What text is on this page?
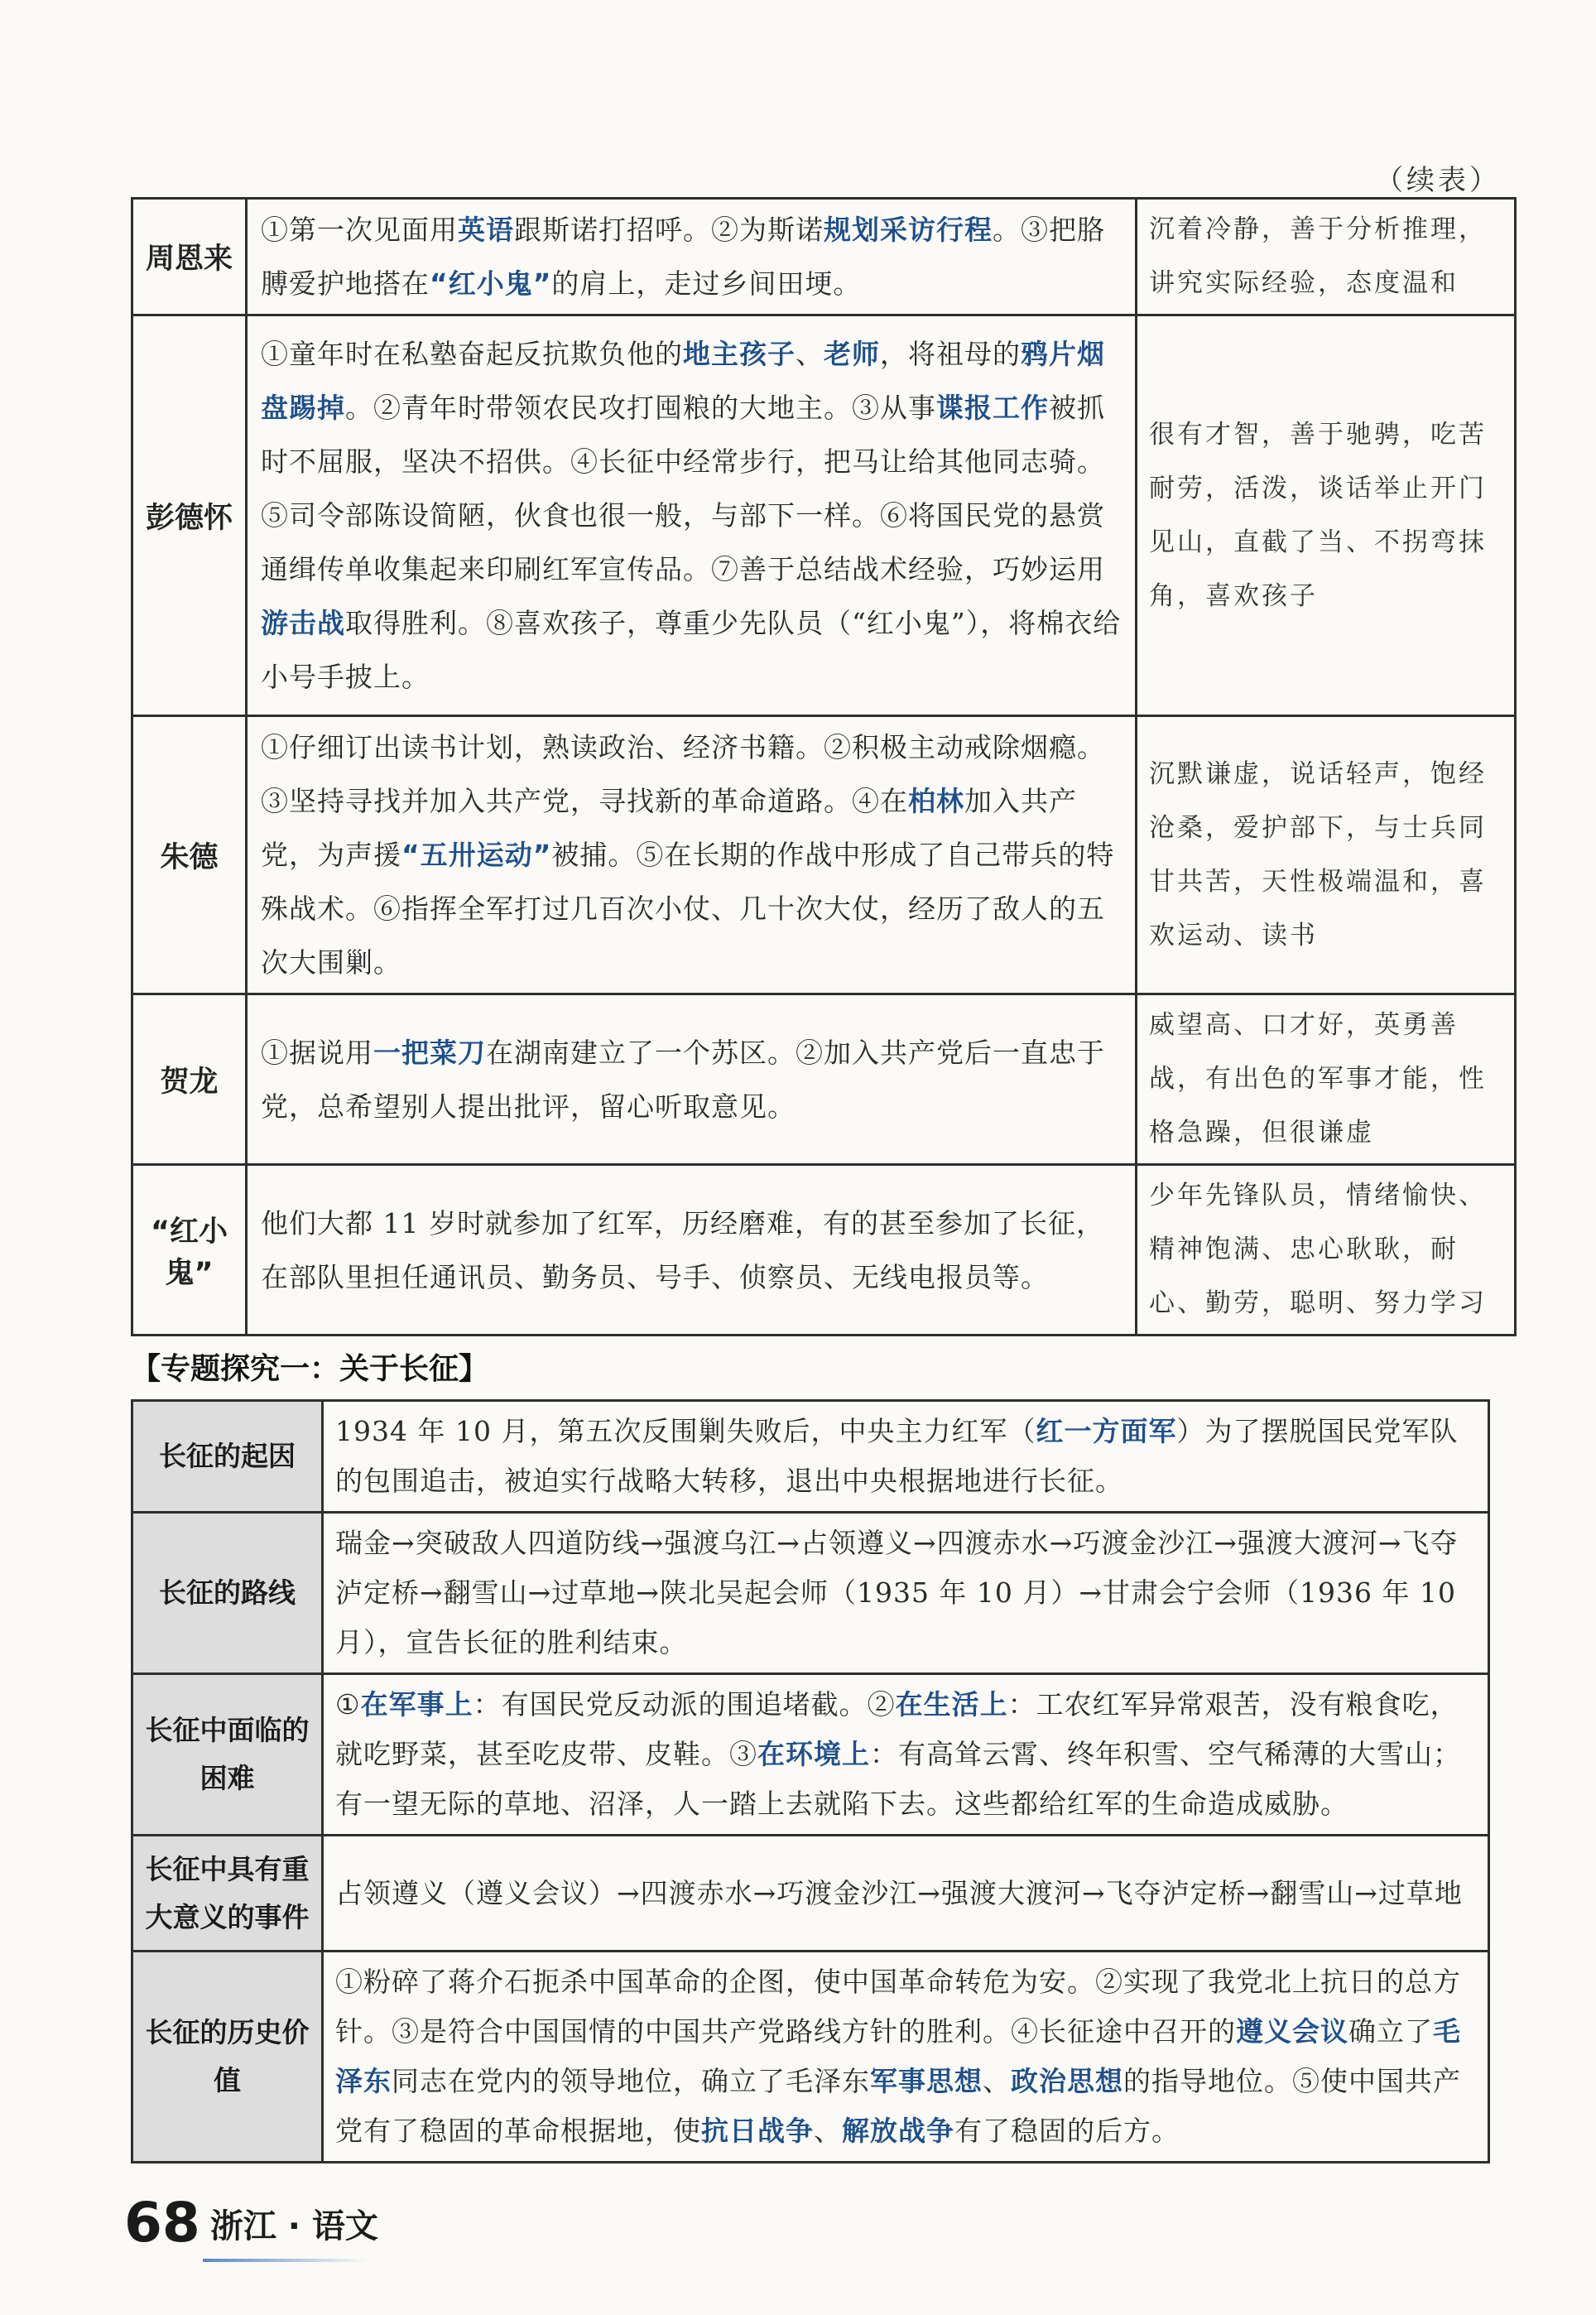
（续表）
周恩来	①第一次见面用英语跟斯诺打招呼。②为斯诺规划采访行程。③把胳膊爱护地搭在“红小鬼”的肩上，走过乡间田埂。	沉着冷静，善于分析推理，讲究实际经验，态度温和
彭德怀	①童年时在私塾奋起反抗欺负他的地主孩子、老师，将祖母的鸦片烟盘踢掉。②青年时带领农民攻打囤粮的大地主。③从事谍报工作被抓时不屈服，坚决不招供。④长征中经常步行，把马让给其他同志骑。⑤司令部陈设简陋，伙食也很一般，与部下一样。⑥将国民党的悬赏通缉传单收集起来印刷红军宣传品。⑦善于总结战术经验，巧妙运用游击战取得胜利。⑧喜欢孩子，尊重少先队员（“红小鬼”），将棉衣给小号手披上。	很有才智，善于驰骋，吃苦耐劳，活泼，谈话举止开门见山，直截了当、不拐弯抹角，喜欢孩子
朱德	①仔细订出读书计划，熟读政治、经济书籍。②积极主动戒除烟瘾。③坚持寻找并加入共产党，寻找新的革命道路。④在柏林加入共产党，为声援“五卅运动”被捕。⑤在长期的作战中形成了自己带兵的特殊战术。⑥指挥全军打过几百次小仗、几十次大仗，经历了敌人的五次大围剿。	沉默谦虚，说话轻声，饱经沧桑，爱护部下，与士兵同甘共苦，天性极端温和，喜欢运动、读书
贺龙	①据说用一把菜刀在湖南建立了一个苏区。②加入共产党后一直忠于党，总希望别人提出批评，留心听取意见。	威望高、口才好，英勇善战，有出色的军事才能，性格急躁，但很谦虚
“红小鬼”	他们大都 11 岁时就参加了红军，历经磨难，有的甚至参加了长征，在部队里担任通讯员、勤务员、号手、侦察员、无线电报员等。	少年先锋队员，情绪愉快、精神饱满、忠心耿耿，耐心、勤劳，聪明、努力学习
【专题探究一：关于长征】
长征的起因	1934 年 10 月，第五次反围剿失败后，中央主力红军（红一方面军）为了摆脱国民党军队的包围追击，被迫实行战略大转移，退出中央根据地进行长征。
长征的路线	瑞金→突破敌人四道防线→强渡乌江→占领遵义→四渡赤水→巧渡金沙江→强渡大渡河→飞夺泸定桥→翻雪山→过草地→陕北吴起会师（1935 年 10 月）→甘肃会宁会师（1936 年 10 月），宣告长征的胜利结束。
长征中面临的困难	①在军事上：有国民党反动派的围追堵截。②在生活上：工农红军异常艰苦，没有粮食吃，就吃野菜，甚至吃皮带、皮鞋。③在环境上：有高耸云霄、终年积雪、空气稀薄的大雪山；有一望无际的草地、沼泽，人一踏上去就陷下去。这些都给红军的生命造成威胁。
长征中具有重大意义的事件	占领遵义（遵义会议）→四渡赤水→巧渡金沙江→强渡大渡河→飞夺泸定桥→翻雪山→过草地
长征的历史价值	①粉碎了蒋介石扼杀中国革命的企图，使中国革命转危为安。②实现了我党北上抗日的总方针。③是符合中国国情的中国共产党路线方针的胜利。④长征途中召开的遵义会议确立了毛泽东同志在党内的领导地位，确立了毛泽东军事思想、政治思想的指导地位。⑤使中国共产党有了稳固的革命根据地，使抗日战争、解放战争有了稳固的后方。
68 浙江 · 语文
